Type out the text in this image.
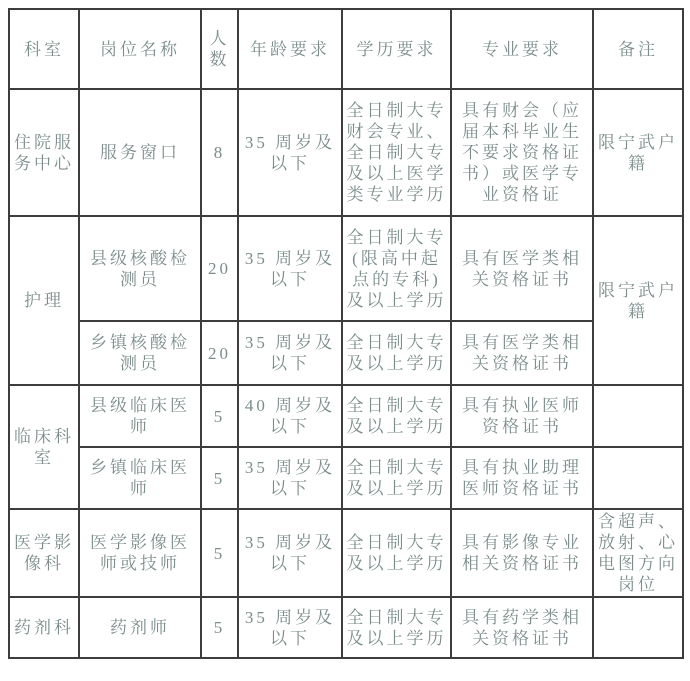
科室	岗位名称	人数	年龄要求	学历要求	专业要求	备注
住院服务中心	服务窗口	8	35 周岁及以下	全日制大专财会专业、全日制大专及以上医学类专业学历	具有财会（应届本科毕业生不要求资格证书）或医学专业资格证	限宁武户籍
护理	县级核酸检测员	20	35 周岁及以下	全日制大专(限高中起点的专科)及以上学历	具有医学类相关资格证书	限宁武户籍
	乡镇核酸检测员	20	35 周岁及以下	全日制大专及以上学历	具有医学类相关资格证书	
临床科室	县级临床医师	5	40 周岁及以下	全日制大专及以上学历	具有执业医师资格证书	
	乡镇临床医师	5	35 周岁及以下	全日制大专及以上学历	具有执业助理医师资格证书	
医学影像科	医学影像医师或技师	5	35 周岁及以下	全日制大专及以上学历	具有影像专业相关资格证书	含超声、放射、心电图方向岗位
药剂科	药剂师	5	35 周岁及以下	全日制大专及以上学历	具有药学类相关资格证书	
